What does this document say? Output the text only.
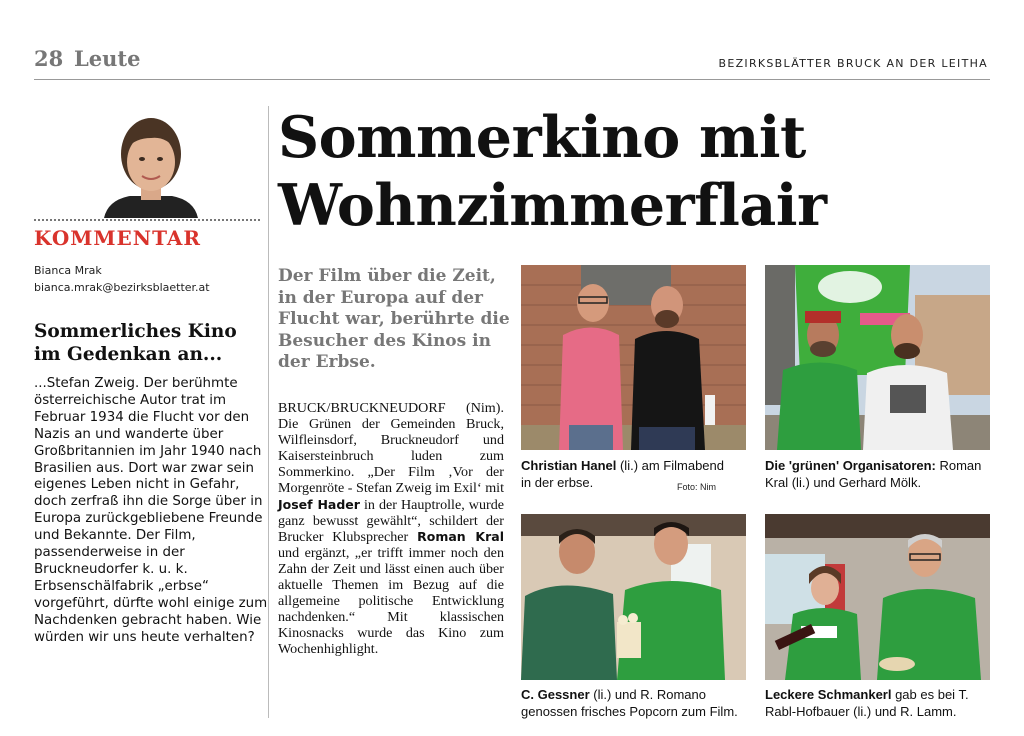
28 Leute	BEZIRKSBLÄTTER BRUCK AN DER LEITHA
KOMMENTAR
Bianca Mrak
bianca.mrak@bezirksblaetter.at
Sommerliches Kino im Gedenkan an...
...Stefan Zweig. Der berühmte österreichische Autor trat im Februar 1934 die Flucht vor den Nazis an und wanderte über Großbritannien im Jahr 1940 nach Brasilien aus. Dort war zwar sein eigenes Leben nicht in Gefahr, doch zerfraß ihn die Sorge über in Europa zurückgebliebene Freunde und Bekannte. Der Film, passenderweise in der Bruckneudorfer k. u. k. Erbsenschälfabrik „erbse“ vorgeführt, dürfte wohl einige zum Nachdenken gebracht haben. Wie würden wir uns heute verhalten?
Sommerkino mit Wohnzimmerflair
Der Film über die Zeit, in der Europa auf der Flucht war, berührte die Besucher des Kinos in der Erbse.
BRUCK/BRUCKNEUDORF (Nim). Die Grünen der Gemeinden Bruck, Wilfleinsdorf, Bruckneudorf und Kaisersteinbruch luden zum Sommerkino. „Der Film ‚Vor der Morgenröte - Stefan Zweig im Exil‘ mit Josef Hader in der Hauptrolle, wurde ganz bewusst gewählt“, schildert der Brucker Klubsprecher Roman Kral und ergänzt, „er trifft immer noch den Zahn der Zeit und lässt einen auch über aktuelle Themen im Bezug auf die allgemeine politische Entwicklung nachdenken.“ Mit klassischen Kinosnacks wurde das Kino zum Wochenhighlight.
Christian Hanel (li.) am Filmabend in der erbse.	Foto: Nim
Die 'grünen' Organisatoren: Roman Kral (li.) und Gerhard Mölk.
C. Gessner (li.) und R. Romano genossen frisches Popcorn zum Film.
Leckere Schmankerl gab es bei T. Rabl-Hofbauer (li.) und R. Lamm.
